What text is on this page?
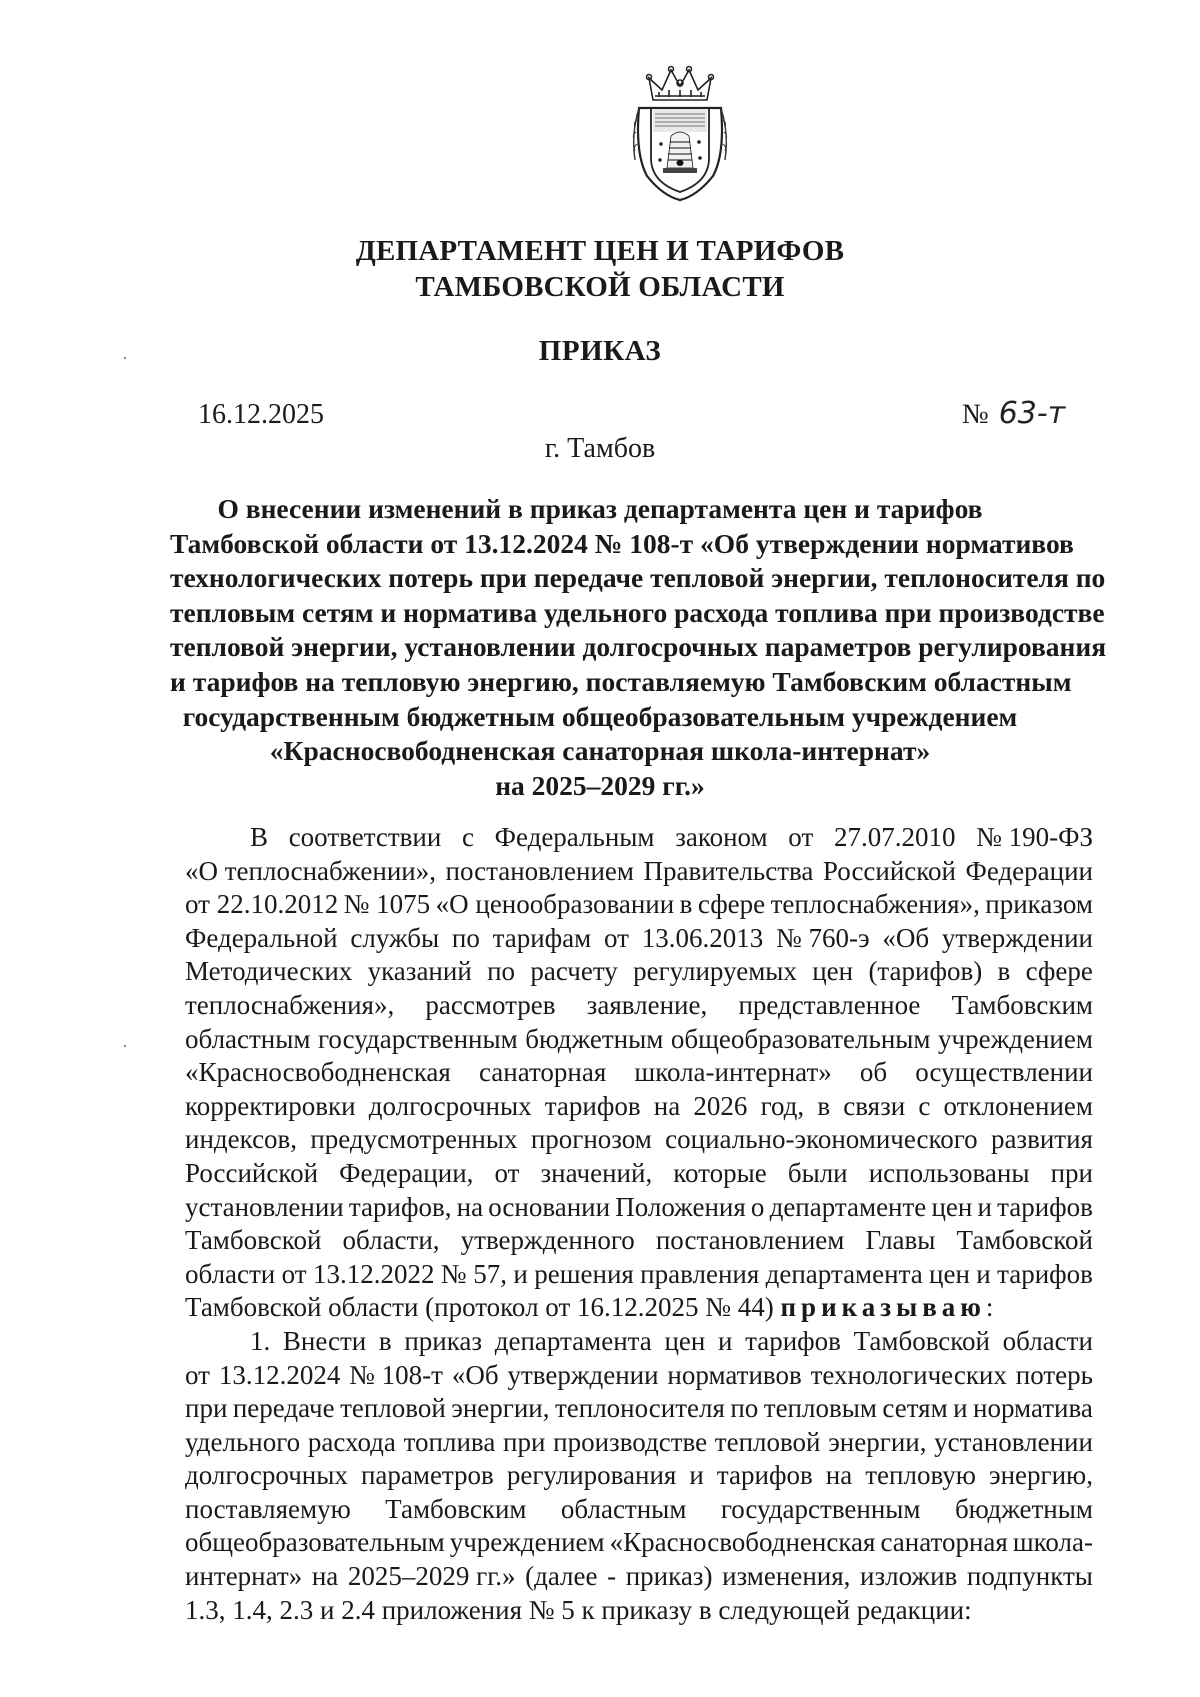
ДЕПАРТАМЕНТ ЦЕН И ТАРИФОВ
ТАМБОВСКОЙ ОБЛАСТИ
ПРИКАЗ
16.12.2025	№ 63-т
г. Тамбов
О внесении изменений в приказ департамента цен и тарифов
Тамбовской области от 13.12.2024 № 108-т «Об утверждении нормативов
технологических потерь при передаче тепловой энергии, теплоносителя по
тепловым сетям и норматива удельного расхода топлива при производстве
тепловой энергии, установлении долгосрочных параметров регулирования
и тарифов на тепловую энергию, поставляемую Тамбовским областным
государственным бюджетным общеобразовательным учреждением
«Красносвободненская санаторная школа-интернат»
на 2025–2029 гг.»
В соответствии с Федеральным законом от 27.07.2010 № 190-ФЗ
«О теплоснабжении», постановлением Правительства Российской Федерации
от 22.10.2012 № 1075 «О ценообразовании в сфере теплоснабжения», приказом
Федеральной службы по тарифам от 13.06.2013 № 760-э «Об утверждении
Методических указаний по расчету регулируемых цен (тарифов) в сфере
теплоснабжения», рассмотрев заявление, представленное Тамбовским
областным государственным бюджетным общеобразовательным учреждением
«Красносвободненская санаторная школа-интернат» об осуществлении
корректировки долгосрочных тарифов на 2026 год, в связи с отклонением
индексов, предусмотренных прогнозом социально-экономического развития
Российской Федерации, от значений, которые были использованы при
установлении тарифов, на основании Положения о департаменте цен и тарифов
Тамбовской области, утвержденного постановлением Главы Тамбовской
области от 13.12.2022 № 57, и решения правления департамента цен и тарифов
Тамбовской области (протокол от 16.12.2025 № 44) приказываю :
1. Внести в приказ департамента цен и тарифов Тамбовской области
от 13.12.2024 № 108-т «Об утверждении нормативов технологических потерь
при передаче тепловой энергии, теплоносителя по тепловым сетям и норматива
удельного расхода топлива при производстве тепловой энергии, установлении
долгосрочных параметров регулирования и тарифов на тепловую энергию,
поставляемую Тамбовским областным государственным бюджетным
общеобразовательным учреждением «Красносвободненская санаторная школа-
интернат» на 2025–2029 гг.» (далее - приказ) изменения, изложив подпункты
1.3, 1.4, 2.3 и 2.4 приложения № 5 к приказу в следующей редакции:
